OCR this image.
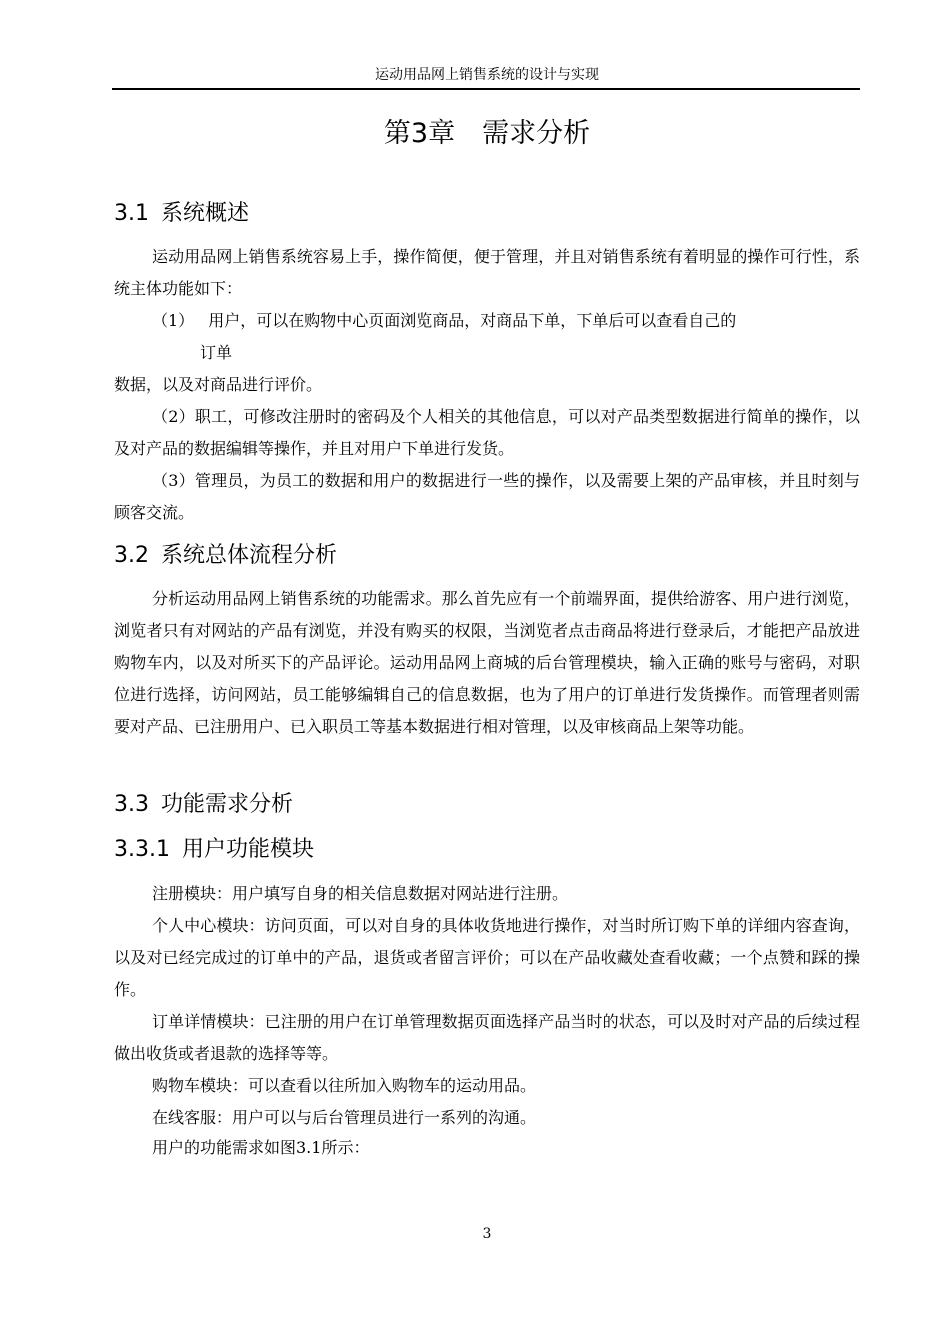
运动用品网上销售系统的设计与实现
第3章　需求分析
3.1 系统概述
运动用品网上销售系统容易上手，操作简便，便于管理，并且对销售系统有着明显的操作可行性，系统主体功能如下：
（1） 用户，可以在购物中心页面浏览商品，对商品下单，下单后可以查看自己的
订单
数据，以及对商品进行评价。
（2）职工，可修改注册时的密码及个人相关的其他信息，可以对产品类型数据进行简单的操作，以及对产品的数据编辑等操作，并且对用户下单进行发货。
（3）管理员，为员工的数据和用户的数据进行一些的操作，以及需要上架的产品审核，并且时刻与顾客交流。
3.2 系统总体流程分析
分析运动用品网上销售系统的功能需求。那么首先应有一个前端界面，提供给游客、用户进行浏览，浏览者只有对网站的产品有浏览，并没有购买的权限，当浏览者点击商品将进行登录后，才能把产品放进购物车内，以及对所买下的产品评论。运动用品网上商城的后台管理模块，输入正确的账号与密码，对职位进行选择，访问网站，员工能够编辑自己的信息数据，也为了用户的订单进行发货操作。而管理者则需要对产品、已注册用户、已入职员工等基本数据进行相对管理，以及审核商品上架等功能。
3.3 功能需求分析
3.3.1 用户功能模块
注册模块：用户填写自身的相关信息数据对网站进行注册。
个人中心模块：访问页面，可以对自身的具体收货地进行操作，对当时所订购下单的详细内容查询，以及对已经完成过的订单中的产品，退货或者留言评价；可以在产品收藏处查看收藏；一个点赞和踩的操作。
订单详情模块：已注册的用户在订单管理数据页面选择产品当时的状态，可以及时对产品的后续过程做出收货或者退款的选择等等。
购物车模块：可以查看以往所加入购物车的运动用品。
在线客服：用户可以与后台管理员进行一系列的沟通。
用户的功能需求如图3.1所示：
3
